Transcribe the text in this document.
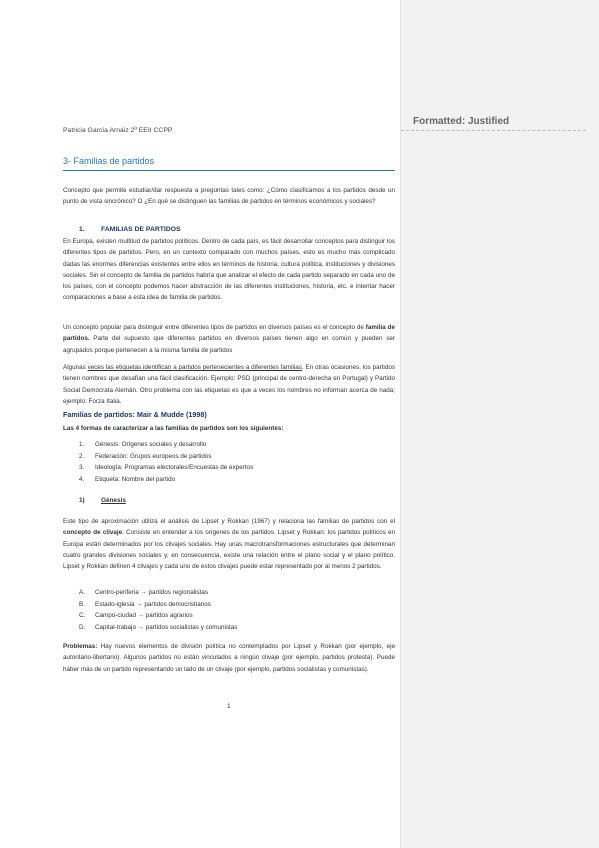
Patricia García Arnáiz 2º EEII CCPP
3- Familias de partidos
Concepto que permite estudiar/dar respuesta a preguntas tales como: ¿Cómo clasificamos a los partidos desde un punto de vista sincrónico? O ¿En qué se distinguen las familias de partidos en términos económicos y sociales?
1. FAMILIAS DE PARTIDOS
En Europa, existen multitud de partidos políticos. Dentro de cada país, es fácil desarrollar conceptos para distinguir los diferentes tipos de partidos. Pero, en un contexto comparado con muchos países, esto es mucho más complicado dadas las enormes diferencias existentes entre ellos en términos de historia, cultura política, instituciones y divisiones sociales. Sin el concepto de familia de partidos habría que analizar el efecto de cada partido separado en cada uno de los países, con el concepto podemos hacer abstracción de las diferentes instituciones, historia, etc. e intentar hacer comparaciones a base a esta idea de familia de partidos.
Un concepto popular para distinguir entre diferentes tipos de partidos en diversos países es el concepto de familia de partidos. Parte del supuesto que diferentes partidos en diversos países tienen algo en común y pueden ser agrupados porque pertenecen a la misma familia de partidos
Algunas veces las etiquetas identifican a partidos pertenecientes a diferentes familias. En otras ocasiones, los partidos tienen nombres que desafían una fácil clasificación. Ejemplo: PSD (principal de centro-derecha en Portugal) y Partido Social Demócrata Alemán. Otro problema con las etiquetas es que a veces los nombres no informan acerca de nada; ejemplo: Forza Italia.
Familias de partidos: Mair & Mudde (1998)
Las 4 formas de caracterizar a las familias de partidos son los siguientes:
1. Génesis: Orígenes sociales y desarrollo
2. Federación: Grupos europeos de partidos
3. Ideología: Programas electorales/Encuestas de expertos
4. Etiqueta: Nombre del partido
1)	Génesis
Este tipo de aproximación utiliza el análisis de Lipset y Rokkan (1967) y relaciona las familias de partidos con el concepto de clivaje. Consiste en entender a los orígenes de los partidos. Lipset y Rokkan: los partidos políticos en Europa están determinados por los clivajes sociales. Hay unas macrotransformaciones estructurales que determinan cuatro grandes divisiones sociales y, en consecuencia, existe una relación entre el plano social y el plano político. Lipset y Rokkan definen 4 clivajes y cada uno de estos clivajes puede estar representado por al menos 2 partidos.
A. Centro-periferia → partidos regionalistas
B. Estado-iglesia → partidos democristianos
C. Campo-ciudad → partidos agrarios
D. Capital-trabajo → partidos socialistas y comunistas
Problemas: Hay nuevos elementos de división política no contemplados por Lipset y Rokkan (por ejemplo, eje autoritario-libertario). Algunos partidos no están vinculados a ningún clivaje (por ejemplo, partidos protesta). Puede haber más de un partido representando un lado de un clivaje (por ejemplo, partidos socialistas y comunistas).
1
Formatted: Justified
